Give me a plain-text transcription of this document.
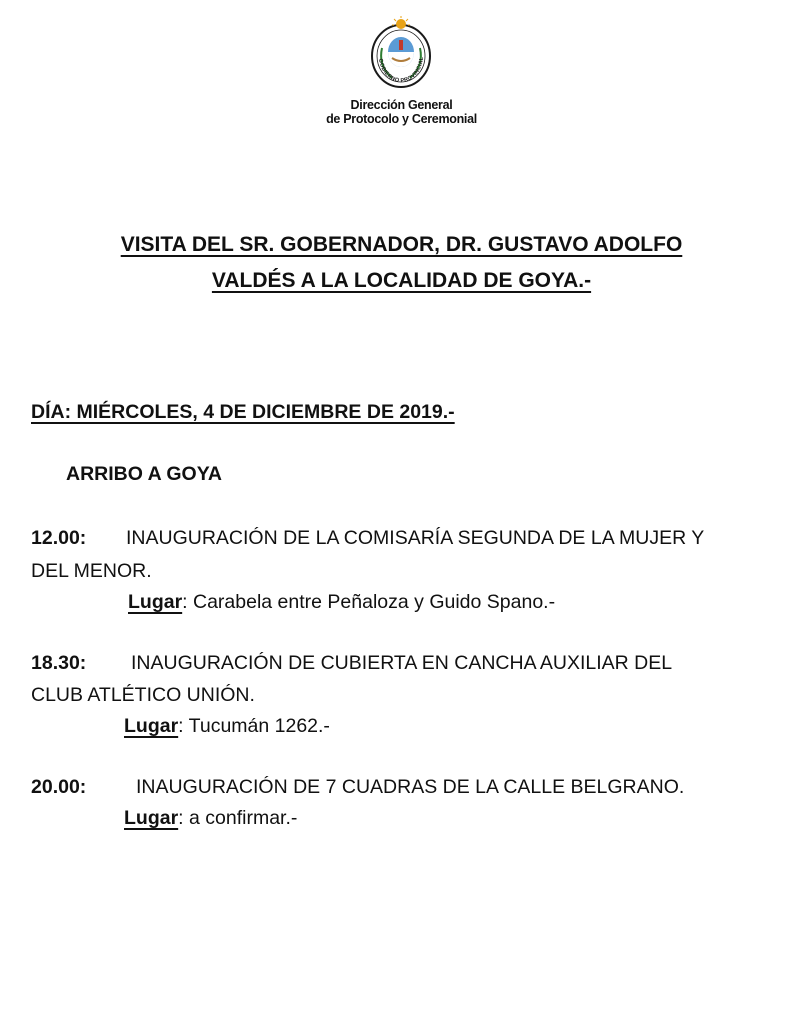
GOBIERNO PROVINCIAL
Dirección General
de Protocolo y Ceremonial
VISITA DEL SR. GOBERNADOR, DR. GUSTAVO ADOLFO
VALDÉS A LA LOCALIDAD DE GOYA.-
DÍA: MIÉRCOLES, 4 DE DICIEMBRE DE 2019.-
ARRIBO A GOYA
12.00: INAUGURACIÓN DE LA COMISARÍA SEGUNDA DE LA MUJER Y
DEL MENOR.
Lugar: Carabela entre Peñaloza y Guido Spano.-
18.30: INAUGURACIÓN DE CUBIERTA EN CANCHA AUXILIAR DEL
CLUB ATLÉTICO UNIÓN.
Lugar: Tucumán 1262.-
20.00:	INAUGURACIÓN DE 7 CUADRAS DE LA CALLE BELGRANO.
Lugar: a confirmar.-
